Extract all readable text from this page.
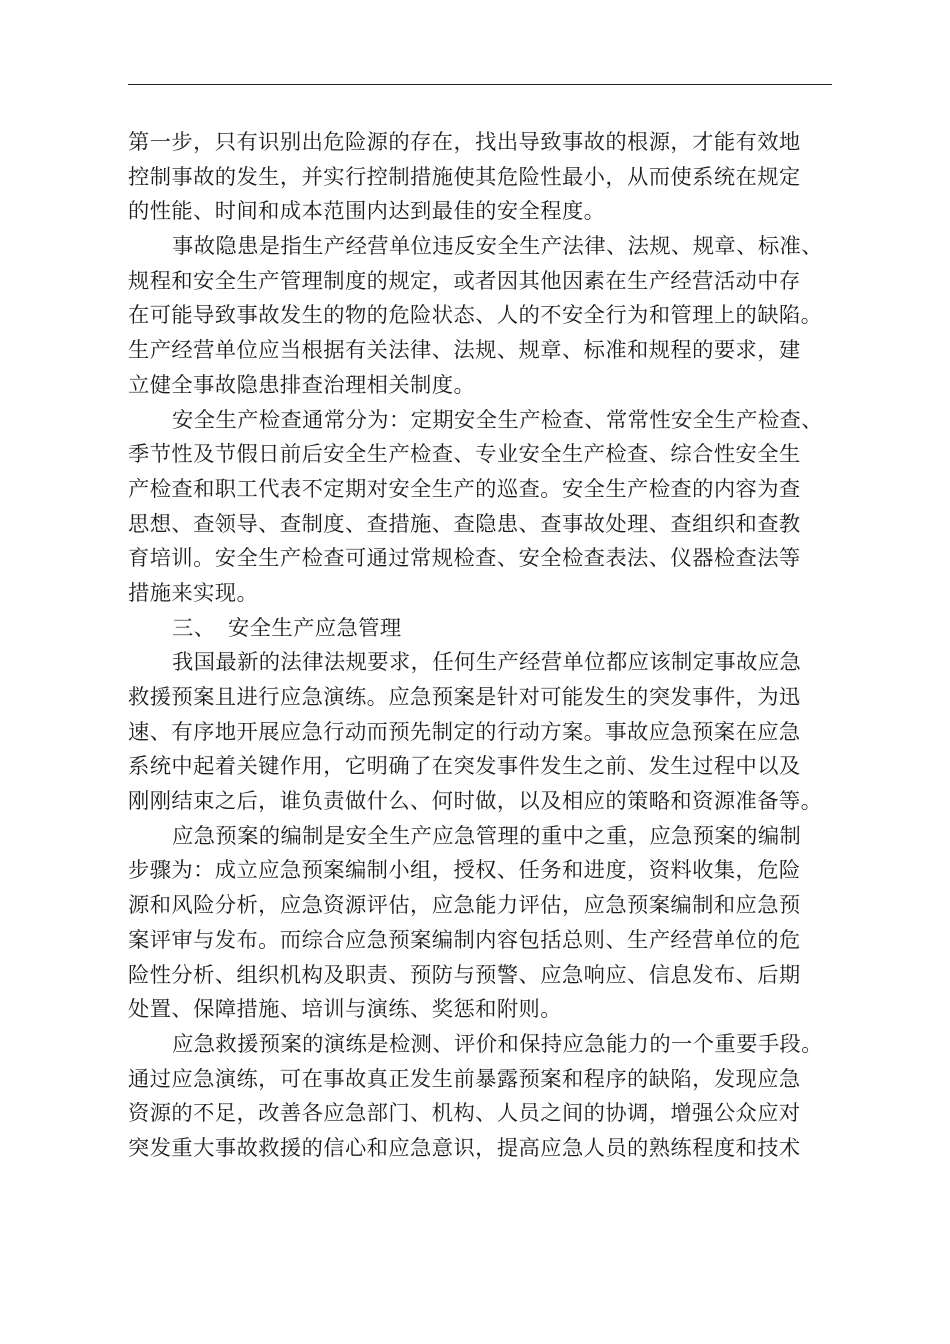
第一步，只有识别出危险源的存在，找出导致事故的根源，才能有效地
控制事故的发生，并实行控制措施使其危险性最小，从而使系统在规定
的性能、时间和成本范围内达到最佳的安全程度。
事故隐患是指生产经营单位违反安全生产法律、法规、规章、标准、
规程和安全生产管理制度的规定，或者因其他因素在生产经营活动中存
在可能导致事故发生的物的危险状态、人的不安全行为和管理上的缺陷。
生产经营单位应当根据有关法律、法规、规章、标准和规程的要求，建
立健全事故隐患排查治理相关制度。
安全生产检查通常分为：定期安全生产检查、常常性安全生产检查、
季节性及节假日前后安全生产检查、专业安全生产检查、综合性安全生
产检查和职工代表不定期对安全生产的巡查。安全生产检查的内容为查
思想、查领导、查制度、查措施、查隐患、查事故处理、查组织和查教
育培训。安全生产检查可通过常规检查、安全检查表法、仪器检查法等
措施来实现。
三、 安全生产应急管理
我国最新的法律法规要求，任何生产经营单位都应该制定事故应急
救援预案且进行应急演练。应急预案是针对可能发生的突发事件，为迅
速、有序地开展应急行动而预先制定的行动方案。事故应急预案在应急
系统中起着关键作用，它明确了在突发事件发生之前、发生过程中以及
刚刚结束之后，谁负责做什么、何时做，以及相应的策略和资源准备等。
应急预案的编制是安全生产应急管理的重中之重，应急预案的编制
步骤为：成立应急预案编制小组，授权、任务和进度，资料收集，危险
源和风险分析，应急资源评估，应急能力评估，应急预案编制和应急预
案评审与发布。而综合应急预案编制内容包括总则、生产经营单位的危
险性分析、组织机构及职责、预防与预警、应急响应、信息发布、后期
处置、保障措施、培训与演练、奖惩和附则。
应急救援预案的演练是检测、评价和保持应急能力的一个重要手段。
通过应急演练，可在事故真正发生前暴露预案和程序的缺陷，发现应急
资源的不足，改善各应急部门、机构、人员之间的协调，增强公众应对
突发重大事故救援的信心和应急意识，提高应急人员的熟练程度和技术
